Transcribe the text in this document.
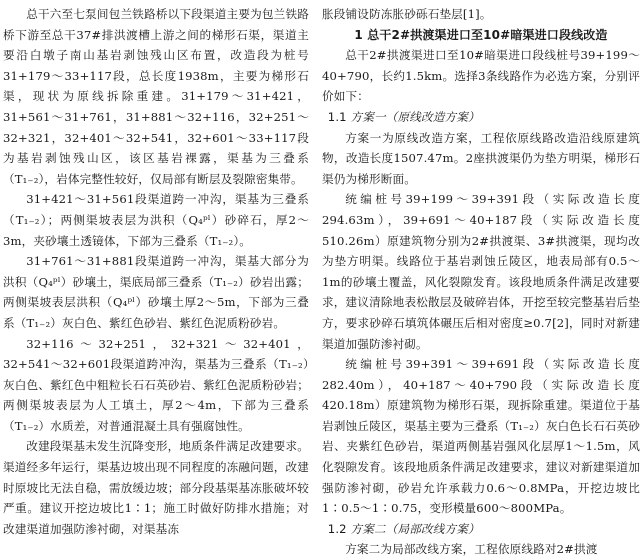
总干六至七泵间包兰铁路桥以下段渠道主要为包兰铁路桥下游至总干37#排洪渡槽上游之间的梯形石渠，渠道主要沿白墩子南山基岩剥蚀残山区布置，改造段为桩号31+179～33+117段，总长度1938m，主要为梯形石渠，现状为原线拆除重建。31+179～31+421，31+561～31+761，31+881～32+116，32+251～32+321，32+401～32+541，32+601～33+117段为基岩剥蚀残山区，该区基岩裸露，渠基为三叠系（T₁₋₂），岩体完整性较好，仅局部有断层及裂隙密集带。

31+421～31+561段渠道跨一冲沟，渠基为三叠系（T₁₋₂）；两侧渠坡表层为洪积（Q₄ᵖˡ）砂碎石，厚2～3m，夹砂壤土透镜体，下部为三叠系（T₁₋₂）。

31+761～31+881段渠道跨一冲沟，渠基大部分为洪积（Q₄ᵖˡ）砂壤土，渠底局部三叠系（T₁₋₂）砂岩出露；两侧渠坡表层洪积（Q₄ᵖˡ）砂壤土厚2～5m，下部为三叠系（T₁₋₂）灰白色、紫红色砂岩、紫红色泥质粉砂岩。

32+116～32+251，32+321～32+401，32+541～32+601段渠道跨冲沟，渠基为三叠系（T₁₋₂）灰白色、紫红色中粗粒长石石英砂岩、紫红色泥质粉砂岩；两侧渠坡表层为人工填土，厚2～4m，下部为三叠系（T₁₋₂）水质差，对普通混凝土具有强腐蚀性。

改建段渠基未发生沉降变形，地质条件满足改建要求。渠道经多年运行，渠基边坡出现不同程度的冻融问题，改建时原坡比无法自稳，需放缓边坡；部分段基渠基冻胀破坏较严重。建议开挖边坡比1∶1；施工时做好防排水措施；对改建渠道加强防渗衬砌，对渠基冻

胀段铺设防冻胀砂砾石垫层[1]。

1 总干2#拱渡渠进口至10#暗渠进口段线改造

总干2#拱渡渠进口至10#暗渠进口段线桩号39+199～40+790，长约1.5km。选择3条线路作为必选方案，分别评价如下：

1.1 方案一（原线改造方案）

方案一为原线改造方案，工程依原线路改造沿线原建筑物，改造长度1507.47m。2座拱渡渠仍为垫方明渠，梯形石渠仍为梯形断面。

统编桩号39+199～39+391段（实际改造长度294.63m），39+691～40+187段（实际改造长度510.26m）原建筑物分别为2#拱渡渠、3#拱渡渠，现均改为垫方明渠。线路位于基岩剥蚀丘陵区，地表局部有0.5～1m的砂壤土覆盖，风化裂隙发育。该段地质条件满足改建要求，建议清除地表松散层及破碎岩体，开挖至较完整基岩后垫方，要求砂碎石填筑体碾压后相对密度≥0.7[2]，同时对新建渠道加强防渗衬砌。

统编桩号39+391～39+691段（实际改造长度282.40m），40+187～40+790段（实际改造长度420.18m）原建筑物为梯形石渠，现拆除重建。渠道位于基岩剥蚀丘陵区，渠基主要为三叠系（T₁₋₂）灰白色长石石英砂岩、夹紫红色砂岩，渠道两侧基岩强风化层厚1～1.5m，风化裂隙发育。该段地质条件满足改建要求，建议对新建渠道加强防渗衬砌，砂岩允许承载力0.6～0.8MPa，开挖边坡比1∶0.5～1∶0.75，变形模量600～800MPa。

1.2 方案二（局部改线方案）

方案二为局部改线方案，工程依原线路对2#拱渡
